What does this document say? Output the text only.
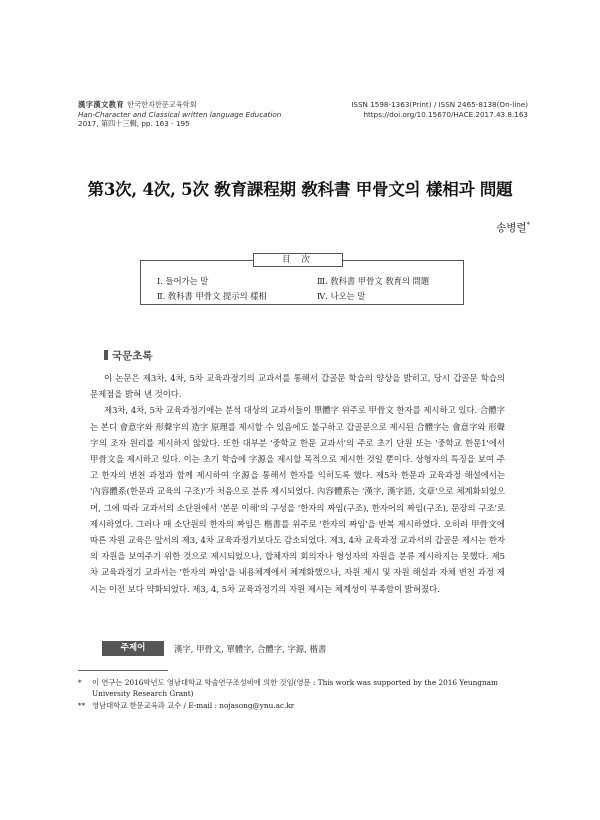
漢字漢文教育 한국한자한문교육학회
Han-Character and Classical written language Education
2017, 第四十三輯, pp. 163 - 195
ISSN 1598-1363(Print) / ISSN 2465-8138(On-line)
https://doi.org/10.15670/HACE.2017.43.8.163
第3次, 4次, 5次 敎育課程期 敎科書 甲骨文의 樣相과 問題
송병렬*
目 次
Ⅰ. 들어가는 말	Ⅲ. 敎科書 甲骨文 敎育의 問題
Ⅱ. 敎科書 甲骨文 提示의 樣相	Ⅳ. 나오는 말
국문초록

이 논문은 제3차, 4차, 5차 교육과정기의 교과서를 통해서 갑골문 학습의 양상을 밝히고, 당시 갑골문 학습의 문제점을 밝혀 낸 것이다.

제3차, 4차, 5차 교육과정기에는 분석 대상의 교과서들이 單體字 위주로 甲骨文 한자를 제시하고 있다. 合體字는 본디 會意字와 形聲字의 造字 原理를 제시할 수 있음에도 불구하고 갑골문으로 제시된 合體字는 會意字와 形聲字의 조자 원리를 제시하지 않았다. 또한 대부분 '중학교 한문 교과서'의 주로 초기 단원 또는 '중학교 한문1'에서 甲骨文을 제시하고 있다. 이는 초기 학습에 字源을 제시할 목적으로 제시한 것일 뿐이다. 상형자의 특징을 보여 주고 한자의 변천 과정과 함께 제시하여 字源을 통해서 한자를 익히도록 했다. 제5차 한문과 교육과정 해설에서는 '內容體系(한문과 교육의 구조)'가 처음으로 분류 제시되었다. 內容體系는 '漢字, 漢字語, 文章'으로 체계화되었으며, 그에 따라 교과서의 소단원에서 '본문 이해'의 구성을 '한자의 짜임(구조), 한자어의 짜임(구조), 문장의 구조'로 제시하였다. 그러나 매 소단원의 한자의 짜임은 楷書를 위주로 '한자의 짜임'을 반복 제시하였다. 오히려 甲骨文에 따른 자원 교육은 앞서의 제3, 4차 교육과정기보다도 감소되었다. 제3, 4차 교육과정 교과서의 갑골문 제시는 한자의 자원을 보여주기 위한 것으로 제시되었으나, 합체자의 회의자나 형성자의 자원을 분류 제시하지는 못했다. 제5차 교육과정기 교과서는 '한자의 짜임'을 내용체계에서 체계화했으나, 자원 제시 및 자원 해설과 자체 변천 과정 제시는 이전 보다 약화되었다. 제3, 4, 5차 교육과정기의 자원 제시는 체계성이 부족함이 밝혀졌다.

주제어	漢字, 甲骨文, 單體字, 合體字, 字源, 楷書
* 이 연구는 2016학년도 영남대학교 학술연구조성비에 의한 것임(영문 : This work was supported by the 2016 Yeungnam University Research Grant)
** 영남대학교 한문교육과 교수 / E-mail : nojasong@ynu.ac.kr
